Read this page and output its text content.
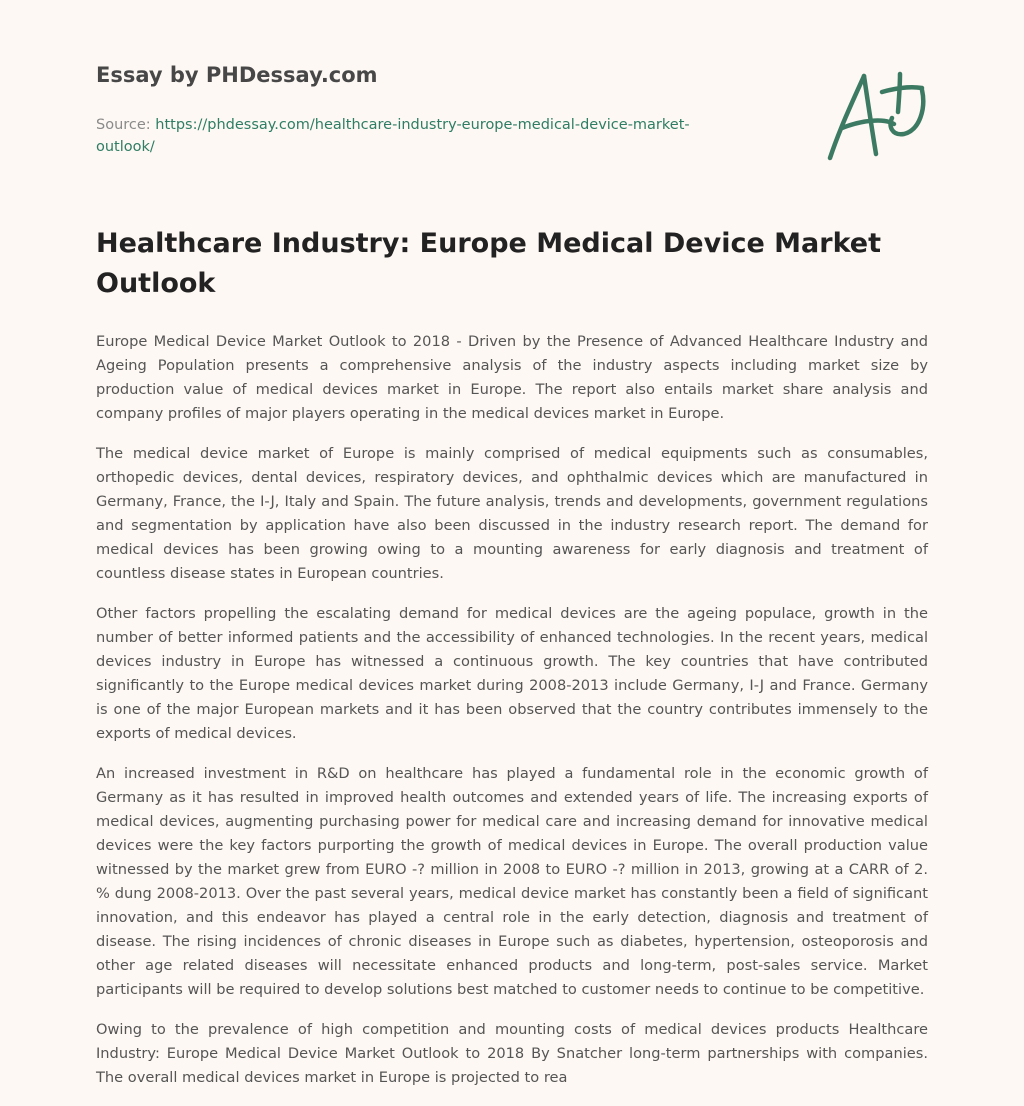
Essay by PHDessay.com
Source: https://phdessay.com/healthcare-industry-europe-medical-device-market-outlook/
Healthcare Industry: Europe Medical Device Market Outlook

Europe Medical Device Market Outlook to 2018 - Driven by the Presence of Advanced Healthcare Industry and Ageing Population presents a comprehensive analysis of the industry aspects including market size by production value of medical devices market in Europe. The report also entails market share analysis and company profiles of major players operating in the medical devices market in Europe.

The medical device market of Europe is mainly comprised of medical equipments such as consumables, orthopedic devices, dental devices, respiratory devices, and ophthalmic devices which are manufactured in Germany, France, the I-J, Italy and Spain. The future analysis, trends and developments, government regulations and segmentation by application have also been discussed in the industry research report. The demand for medical devices has been growing owing to a mounting awareness for early diagnosis and treatment of countless disease states in European countries.

Other factors propelling the escalating demand for medical devices are the ageing populace, growth in the number of better informed patients and the accessibility of enhanced technologies. In the recent years, medical devices industry in Europe has witnessed a continuous growth. The key countries that have contributed significantly to the Europe medical devices market during 2008-2013 include Germany, I-J and France. Germany is one of the major European markets and it has been observed that the country contributes immensely to the exports of medical devices.

An increased investment in R&D on healthcare has played a fundamental role in the economic growth of Germany as it has resulted in improved health outcomes and extended years of life. The increasing exports of medical devices, augmenting purchasing power for medical care and increasing demand for innovative medical devices were the key factors purporting the growth of medical devices in Europe. The overall production value witnessed by the market grew from EURO -? million in 2008 to EURO -? million in 2013, growing at a CARR of 2. % dung 2008-2013. Over the past several years, medical device market has constantly been a field of significant innovation, and this endeavor has played a central role in the early detection, diagnosis and treatment of disease. The rising incidences of chronic diseases in Europe such as diabetes, hypertension, osteoporosis and other age related diseases will necessitate enhanced products and long-term, post-sales service. Market participants will be required to develop solutions best matched to customer needs to continue to be competitive.

Owing to the prevalence of high competition and mounting costs of medical devices products Healthcare Industry: Europe Medical Device Market Outlook to 2018 By Snatcher long-term partnerships with companies. The overall medical devices market in Europe is projected to rea
